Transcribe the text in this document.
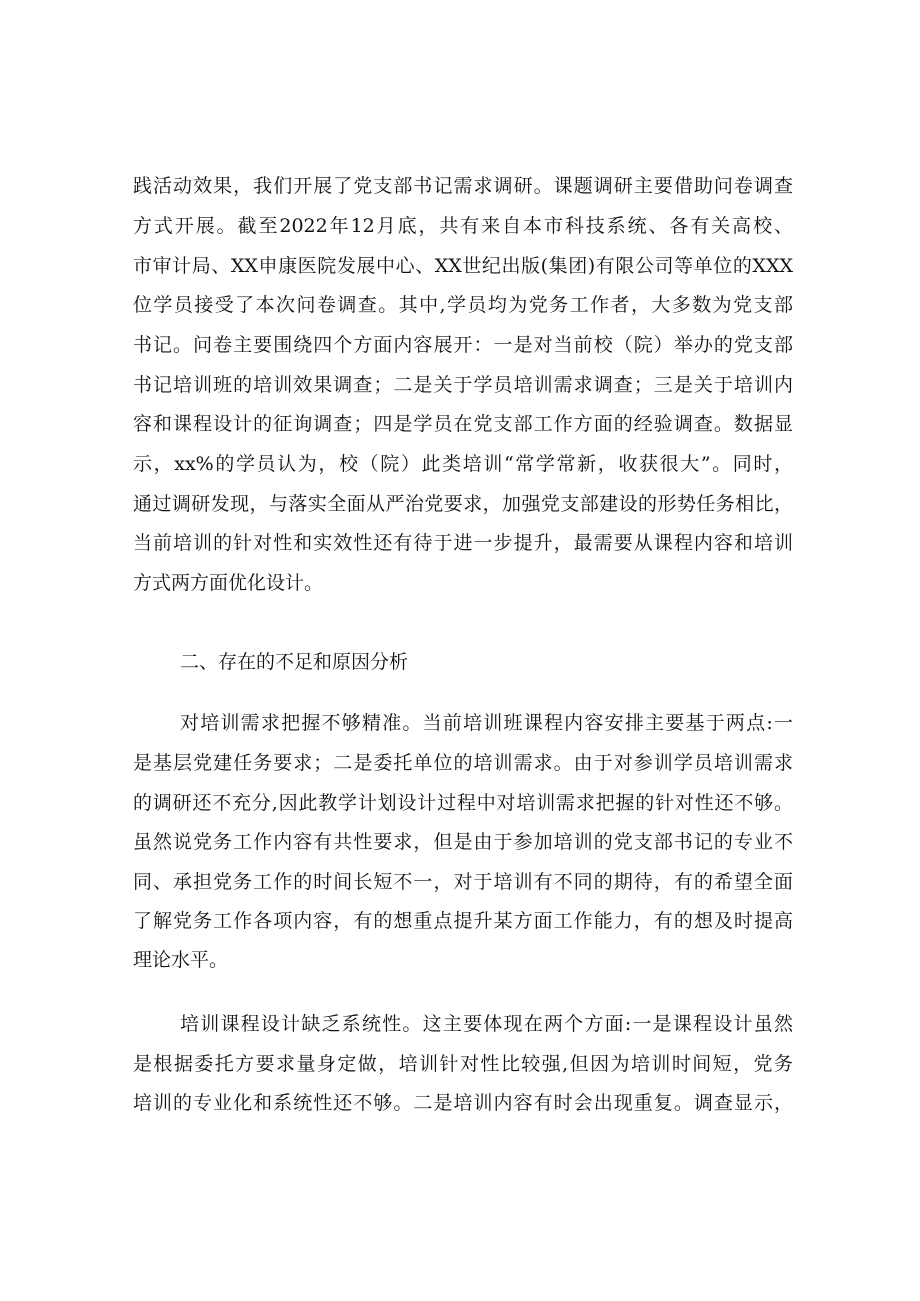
践活动效果，我们开展了党支部书记需求调研。课题调研主要借助问卷调查
方式开展。截至2022年12月底，共有来自本市科技系统、各有关高校、
市审计局、XX申康医院发展中心、XX世纪出版(集团)有限公司等单位的XXX
位学员接受了本次问卷调查。其中,学员均为党务工作者，大多数为党支部
书记。问卷主要围绕四个方面内容展开：一是对当前校（院）举办的党支部
书记培训班的培训效果调查；二是关于学员培训需求调查；三是关于培训内
容和课程设计的征询调查；四是学员在党支部工作方面的经验调查。数据显
示，xx%的学员认为，校（院）此类培训“常学常新，收获很大”。同时，
通过调研发现，与落实全面从严治党要求，加强党支部建设的形势任务相比，
当前培训的针对性和实效性还有待于进一步提升，最需要从课程内容和培训
方式两方面优化设计。
二、存在的不足和原因分析
对培训需求把握不够精准。当前培训班课程内容安排主要基于两点:一
是基层党建任务要求；二是委托单位的培训需求。由于对参训学员培训需求
的调研还不充分,因此教学计划设计过程中对培训需求把握的针对性还不够。
虽然说党务工作内容有共性要求，但是由于参加培训的党支部书记的专业不
同、承担党务工作的时间长短不一，对于培训有不同的期待，有的希望全面
了解党务工作各项内容，有的想重点提升某方面工作能力，有的想及时提高
理论水平。
培训课程设计缺乏系统性。这主要体现在两个方面:一是课程设计虽然
是根据委托方要求量身定做，培训针对性比较强,但因为培训时间短，党务
培训的专业化和系统性还不够。二是培训内容有时会出现重复。调查显示，
